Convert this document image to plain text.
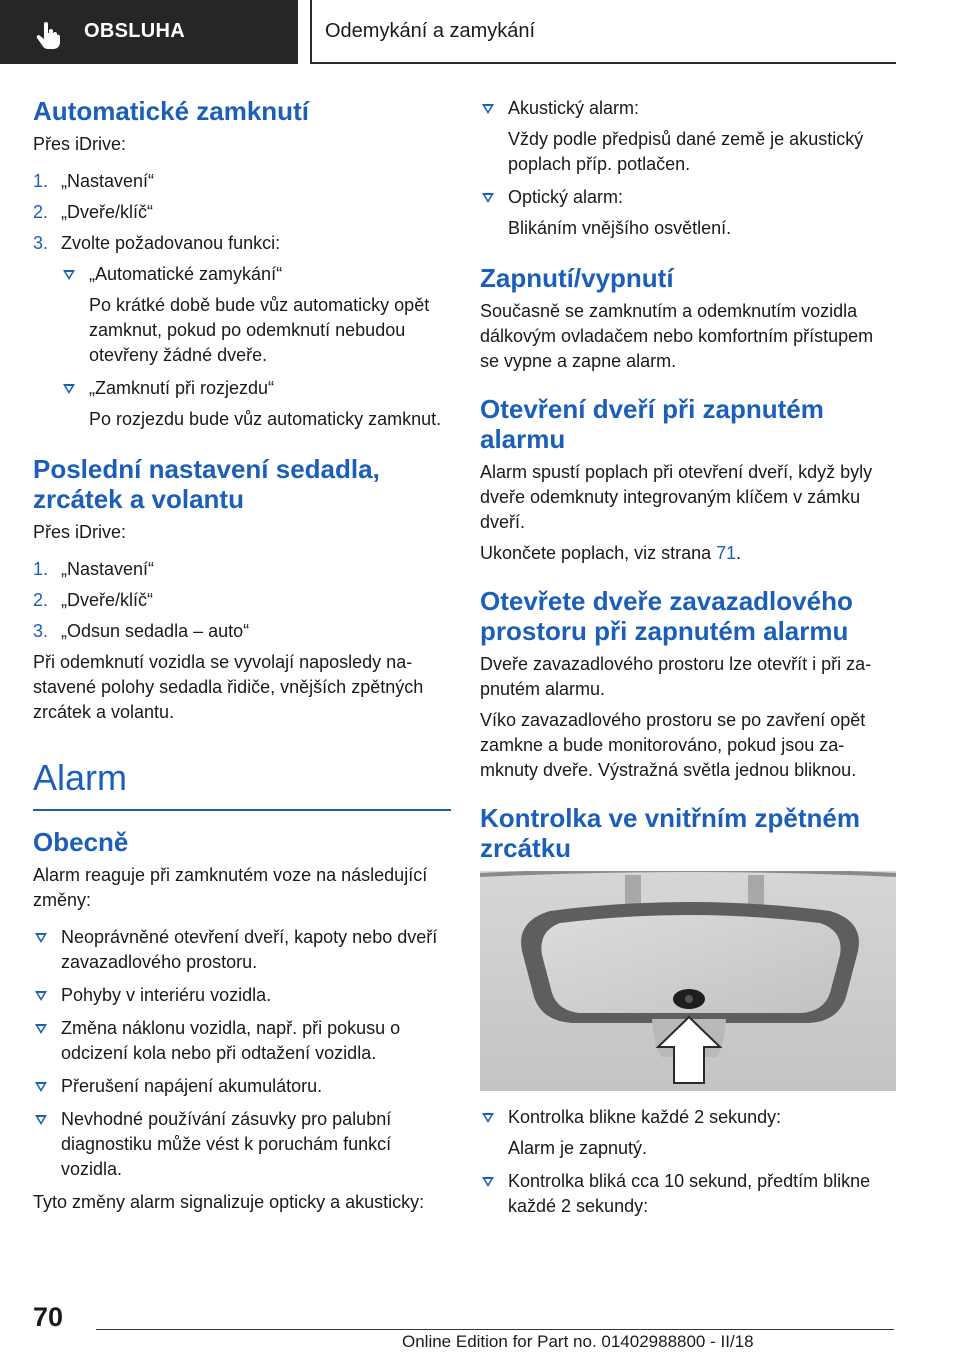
OBSLUHA	Odemykání a zamykání
Automatické zamknutí
Přes iDrive:
1. „Nastavení“
2. „Dveře/klíč“
3. Zvolte požadovanou funkci:
„Automatické zamykání“
Po krátké době bude vůz automaticky opět zamknut, pokud po odemknutí nebudou otevřeny žádné dveře.
„Zamknutí při rozjezdu“
Po rozjezdu bude vůz automaticky zamknut.
Poslední nastavení sedadla, zrcátek a volantu
Přes iDrive:
1. „Nastavení“
2. „Dveře/klíč“
3. „Odsun sedadla – auto“
Při odemknutí vozidla se vyvolají naposledy nastavené polohy sedadla řidiče, vnějších zpětných zrcátek a volantu.
Alarm
Obecně
Alarm reaguje při zamknutém voze na následující změny:
Neoprávněné otevření dveří, kapoty nebo dveří zavazadlového prostoru.
Pohyby v interiéru vozidla.
Změna náklonu vozidla, např. při pokusu o odcizení kola nebo při odtažení vozidla.
Přerušení napájení akumulátoru.
Nevhodné používání zásuvky pro palubní diagnostiku může vést k poruchám funkcí vozidla.
Tyto změny alarm signalizuje opticky a akusticky:
Akustický alarm:
Vždy podle předpisů dané země je akustický poplach příp. potlačen.
Optický alarm:
Blikáním vnějšího osvětlení.
Zapnutí/vypnutí
Současně se zamknutím a odemknutím vozidla dálkovým ovladačem nebo komfortním přístupem se vypne a zapne alarm.
Otevření dveří při zapnutém alarmu
Alarm spustí poplach při otevření dveří, když byly dveře odemknuty integrovaným klíčem v zámku dveří.
Ukončete poplach, viz strana 71.
Otevřete dveře zavazadlového prostoru při zapnutém alarmu
Dveře zavazadlového prostoru lze otevřít i při zapnutém alarmu.
Víko zavazadlového prostoru se po zavření opět zamkne a bude monitorováno, pokud jsou zamknuty dveře. Výstražná světla jednou bliknou.
Kontrolka ve vnitřním zpětném zrcátku
Kontrolka blikne každé 2 sekundy:
Alarm je zapnutý.
Kontrolka bliká cca 10 sekund, předtím blikne každé 2 sekundy:
70
Online Edition for Part no. 01402988800 - II/18
